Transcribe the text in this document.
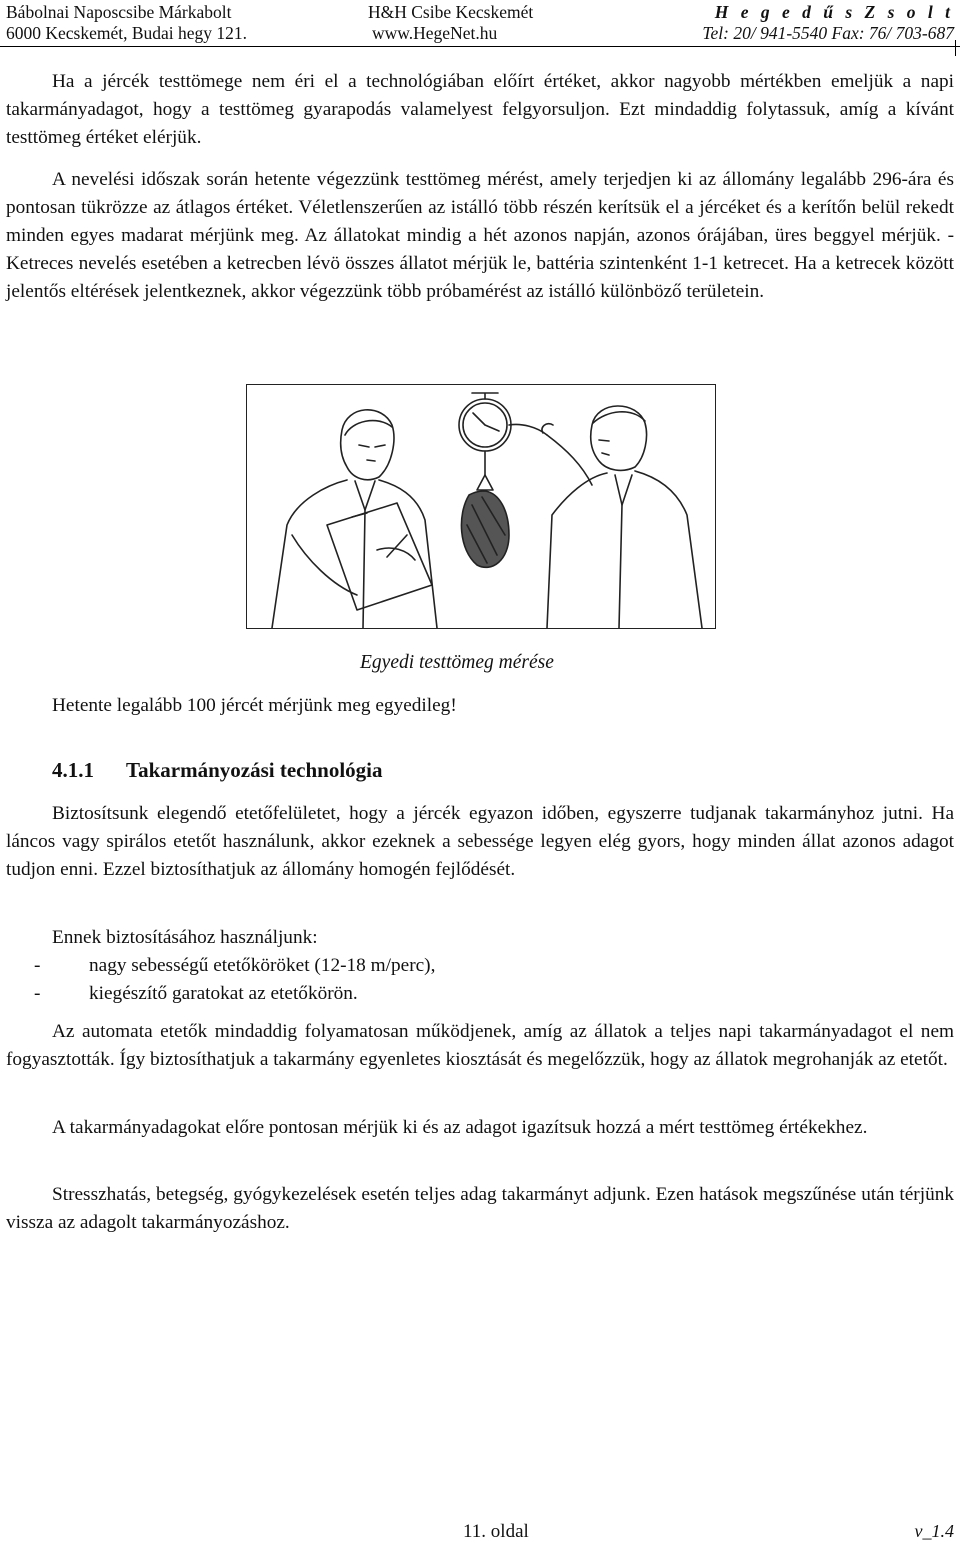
Bábolnai Naposcsibe Márkabolt
6000 Kecskemét, Budai hegy 121.
H&H Csibe Kecskemét
www.HegeNet.hu
H e g e d ű s Z s o l t
Tel: 20/ 941-5540 Fax: 76/ 703-687
Ha a jércék testtömege nem éri el a technológiában előírt értéket, akkor nagyobb mértékben emeljük a napi takarmányadagot, hogy a testtömeg gyarapodás valamelyest felgyorsuljon. Ezt mindaddig folytassuk, amíg a kívánt testtömeg értéket elérjük.
A nevelési időszak során hetente végezzünk testtömeg mérést, amely terjedjen ki az állomány legalább 296-ára és pontosan tükrözze az átlagos értéket. Véletlenszerűen az istálló több részén kerítsük el a jércéket és a kerítőn belül rekedt minden egyes madarat mérjünk meg. Az állatokat mindig a hét azonos napján, azonos órájában, üres beggyel mérjük. - Ketreces nevelés esetében a ketrecben lévö összes állatot mérjük le, battéria szintenként 1-1 ketrecet. Ha a ketrecek között jelentős eltérések jelentkeznek, akkor végezzünk több próbamérést az istálló különböző területein.
Egyedi testtömeg mérése
Hetente legalább 100 jércét mérjünk meg egyedileg!
4.1.1 Takarmányozási technológia
Biztosítsunk elegendő etetőfelületet, hogy a jércék egyazon időben, egyszerre tudjanak takarmányhoz jutni. Ha láncos vagy spirálos etetőt használunk, akkor ezeknek a sebessége legyen elég gyors, hogy minden állat azonos adagot tudjon enni. Ezzel biztosíthatjuk az állomány homogén fejlődését.
Ennek biztosításához használjunk:
-	nagy sebességű etetőköröket (12-18 m/perc),
-	kiegészítő garatokat az etetőkörön.
Az automata etetők mindaddig folyamatosan működjenek, amíg az állatok a teljes napi takarmányadagot el nem fogyasztották. Így biztosíthatjuk a takarmány egyenletes kiosztását és megelőzzük, hogy az állatok megrohanják az etetőt.
A takarmányadagokat előre pontosan mérjük ki és az adagot igazítsuk hozzá a mért testtömeg értékekhez.
Stresszhatás, betegség, gyógykezelések esetén teljes adag takarmányt adjunk. Ezen hatások megszűnése után térjünk vissza az adagolt takarmányozáshoz.
11. oldal	v_1.4
